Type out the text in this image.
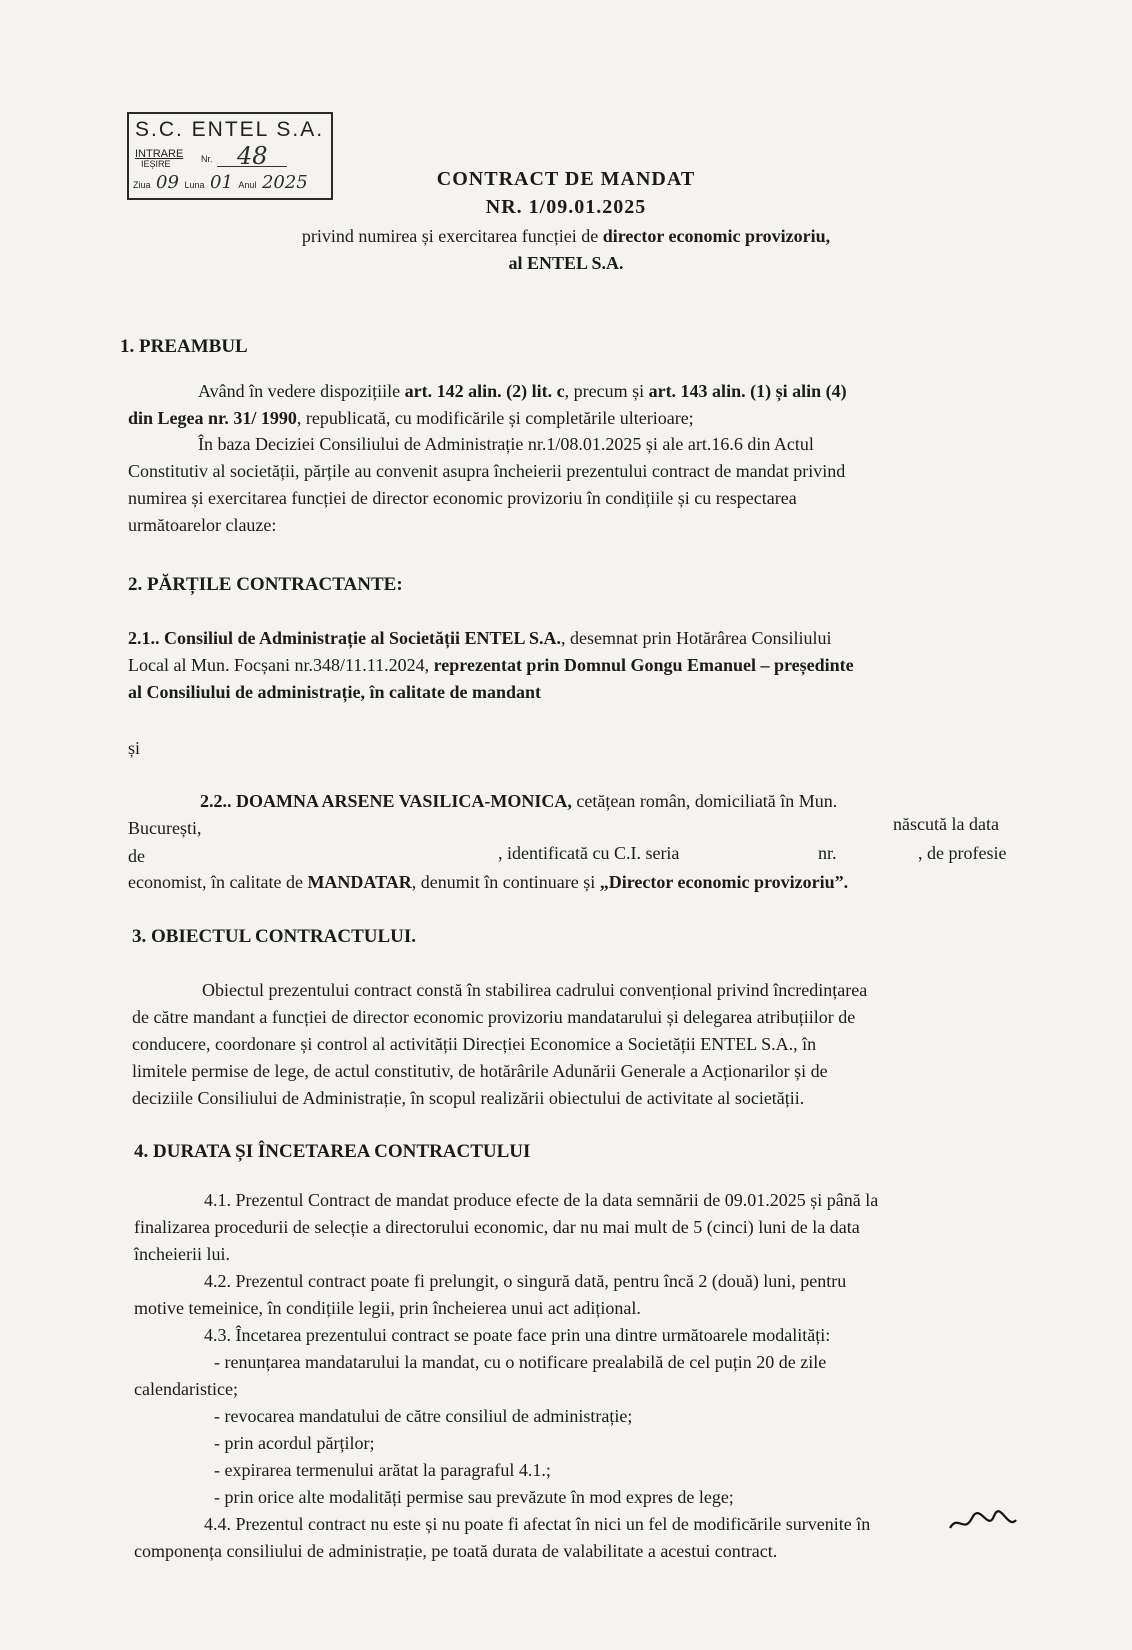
S.C. ENTEL S.A.
INTRARE
IEȘIRE	Nr. 48
Ziua 09 Luna 01 Anul 2025	CONTRACT DE MANDAT
NR. 1/09.01.2025
privind numirea și exercitarea funcției de director economic provizoriu,
al ENTEL S.A.
1. PREAMBUL
Având în vedere dispozițiile art. 142 alin. (2) lit. c, precum și art. 143 alin. (1) și alin (4)
din Legea nr. 31/ 1990, republicată, cu modificările și completările ulterioare;
În baza Deciziei Consiliului de Administrație nr.1/08.01.2025 și ale art.16.6 din Actul
Constitutiv al societății, părțile au convenit asupra încheierii prezentului contract de mandat privind
numirea și exercitarea funcției de director economic provizoriu în condițiile și cu respectarea
următoarelor clauze:
2. PĂRȚILE CONTRACTANTE:
2.1.. Consiliul de Administrație al Societății ENTEL S.A., desemnat prin Hotărârea Consiliului
Local al Mun. Focșani nr.348/11.11.2024, reprezentat prin Domnul Gongu Emanuel – președinte
al Consiliului de administrație, în calitate de mandant
și
2.2.. DOAMNA ARSENE VASILICA-MONICA, cetățean român, domiciliată în Mun.
București,	născută la data
de	, identificată cu C.I. seria	nr.	, de profesie
economist, în calitate de MANDATAR, denumit în continuare și „Director economic provizoriu”.
3. OBIECTUL CONTRACTULUI.
Obiectul prezentului contract constă în stabilirea cadrului convențional privind încredințarea
de către mandant a funcției de director economic provizoriu mandatarului și delegarea atribuțiilor de
conducere, coordonare și control al activității Direcției Economice a Societății ENTEL S.A., în
limitele permise de lege, de actul constitutiv, de hotărârile Adunării Generale a Acționarilor și de
deciziile Consiliului de Administrație, în scopul realizării obiectului de activitate al societății.
4. DURATA ȘI ÎNCETAREA CONTRACTULUI
4.1. Prezentul Contract de mandat produce efecte de la data semnării de 09.01.2025 și până la
finalizarea procedurii de selecție a directorului economic, dar nu mai mult de 5 (cinci) luni de la data
încheierii lui.
4.2. Prezentul contract poate fi prelungit, o singură dată, pentru încă 2 (două) luni, pentru
motive temeinice, în condițiile legii, prin încheierea unui act adițional.
4.3. Încetarea prezentului contract se poate face prin una dintre următoarele modalități:
- renunțarea mandatarului la mandat, cu o notificare prealabilă de cel puțin 20 de zile
calendaristice;
- revocarea mandatului de către consiliul de administrație;
- prin acordul părților;
- expirarea termenului arătat la paragraful 4.1.;
- prin orice alte modalități permise sau prevăzute în mod expres de lege;
4.4. Prezentul contract nu este și nu poate fi afectat în nici un fel de modificările survenite în
componența consiliului de administrație, pe toată durata de valabilitate a acestui contract.
